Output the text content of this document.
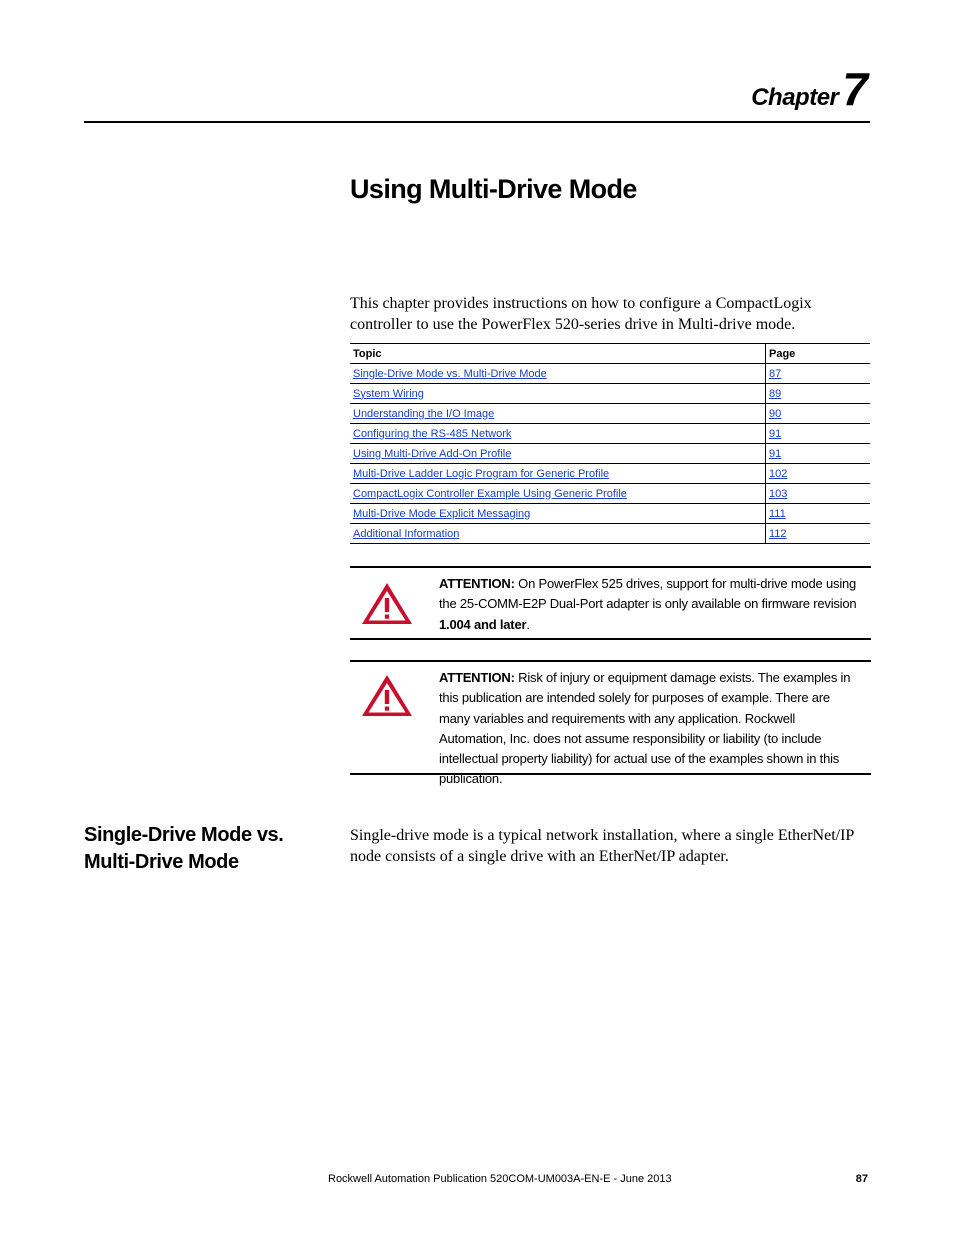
Chapter7
Using Multi-Drive Mode

This chapter provides instructions on how to configure a CompactLogix controller to use the PowerFlex 520-series drive in Multi-drive mode.

Topic	Page
Single-Drive Mode vs. Multi-Drive Mode	87
System Wiring	89
Understanding the I/O Image	90
Configuring the RS-485 Network	91
Using Multi-Drive Add-On Profile	91
Multi-Drive Ladder Logic Program for Generic Profile	102
CompactLogix Controller Example Using Generic Profile	103
Multi-Drive Mode Explicit Messaging	111
Additional Information	112

ATTENTION: On PowerFlex 525 drives, support for multi-drive mode using the 25-COMM-E2P Dual-Port adapter is only available on firmware revision 1.004 and later.

ATTENTION: Risk of injury or equipment damage exists. The examples in this publication are intended solely for purposes of example. There are many variables and requirements with any application. Rockwell Automation, Inc. does not assume responsibility or liability (to include intellectual property liability) for actual use of the examples shown in this publication.

Single-Drive Mode vs. Multi-Drive Mode

Single-drive mode is a typical network installation, where a single EtherNet/IP node consists of a single drive with an EtherNet/IP adapter.

Rockwell Automation Publication 520COM-UM003A-EN-E - June 2013	87
